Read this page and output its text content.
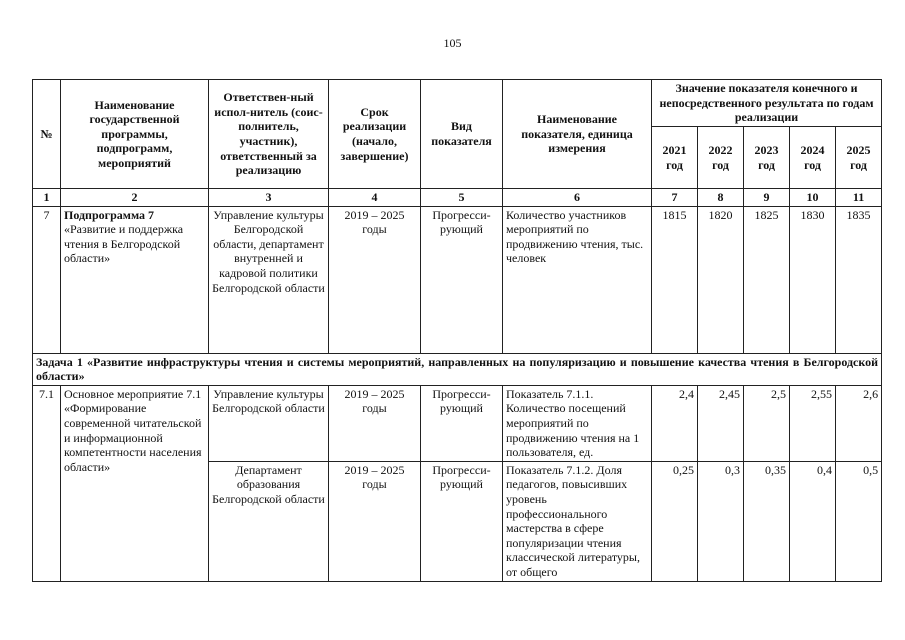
105
№	Наименование государственной программы, подпрограмм, мероприятий	Ответствен-ный испол-нитель (соис-полнитель, участник), ответственный за реализацию	Срок реализации (начало, завершение)	Вид показателя	Наименование показателя, единица измерения	Значение показателя конечного и непосредственного результата по годам реализации				
						2021 год	2022 год	2023 год	2024 год	2025 год
1	2	3	4	5	6	7	8	9	10	11
7	Подпрограмма 7 «Развитие и поддержка чтения в Белгородской области»	Управление культуры Белгородской области, департамент внутренней и кадровой политики Белгородской области	2019 – 2025 годы	Прогресси-рующий	Количество участников мероприятий по продвижению чтения, тыс. человек	1815	1820	1825	1830	1835
Задача 1 «Развитие инфраструктуры чтения и системы мероприятий, направленных на популяризацию и повышение качества чтения в Белгородской области»										
7.1	Основное мероприятие 7.1 «Формирование современной читательской и информационной компетентности населения области»	Управление культуры Белгородской области	2019 – 2025 годы	Прогресси-рующий	Показатель 7.1.1. Количество посещений мероприятий по продвижению чтения на 1 пользователя, ед.	2,4	2,45	2,5	2,55	2,6
		Департамент образования Белгородской области	2019 – 2025 годы	Прогресси-рующий	Показатель 7.1.2. Доля педагогов, повысивших уровень профессионального мастерства в сфере популяризации чтения классической литературы, от общего	0,25	0,3	0,35	0,4	0,5
